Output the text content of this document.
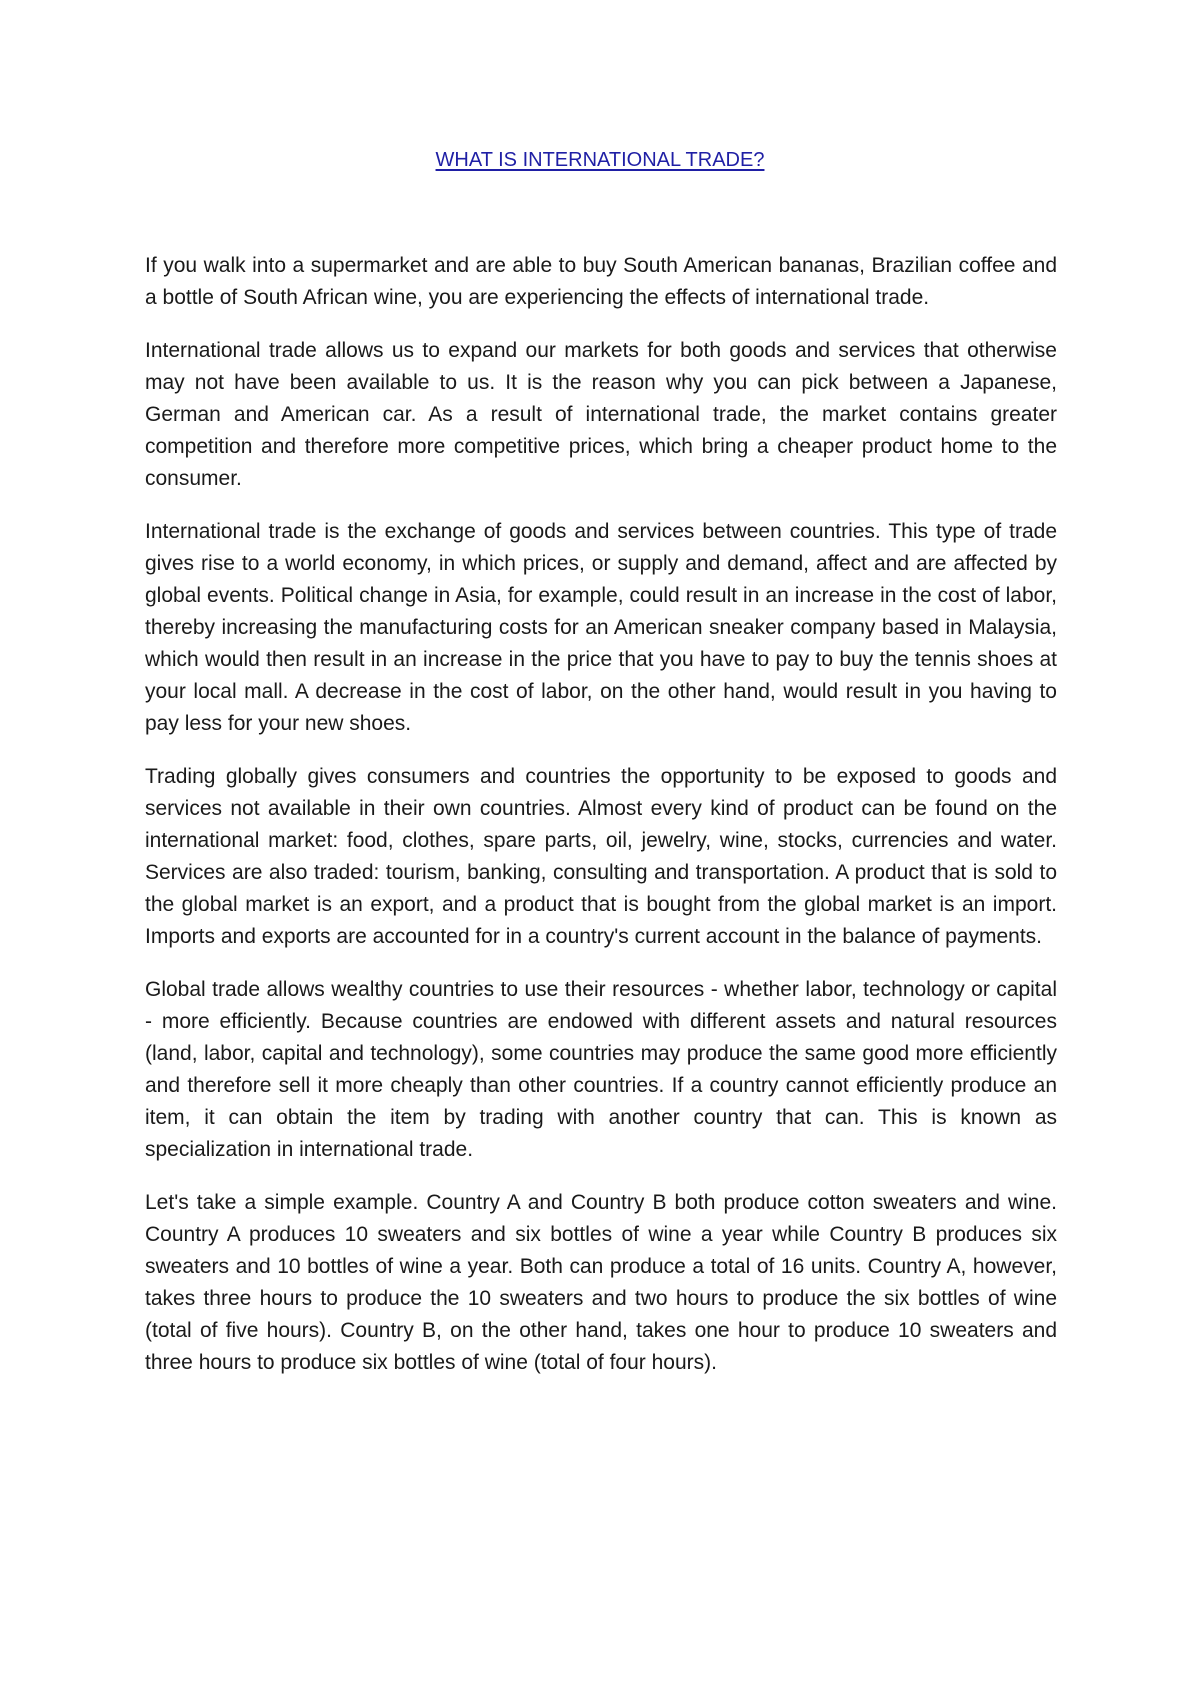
WHAT IS INTERNATIONAL TRADE?

If you walk into a supermarket and are able to buy South American bananas, Brazilian coffee and a bottle of South African wine, you are experiencing the effects of international trade.

International trade allows us to expand our markets for both goods and services that otherwise may not have been available to us. It is the reason why you can pick between a Japanese, German and American car. As a result of international trade, the market contains greater competition and therefore more competitive prices, which bring a cheaper product home to the consumer.

International trade is the exchange of goods and services between countries. This type of trade gives rise to a world economy, in which prices, or supply and demand, affect and are affected by global events. Political change in Asia, for example, could result in an increase in the cost of labor, thereby increasing the manufacturing costs for an American sneaker company based in Malaysia, which would then result in an increase in the price that you have to pay to buy the tennis shoes at your local mall. A decrease in the cost of labor, on the other hand, would result in you having to pay less for your new shoes.

Trading globally gives consumers and countries the opportunity to be exposed to goods and services not available in their own countries. Almost every kind of product can be found on the international market: food, clothes, spare parts, oil, jewelry, wine, stocks, currencies and water. Services are also traded: tourism, banking, consulting and transportation. A product that is sold to the global market is an export, and a product that is bought from the global market is an import. Imports and exports are accounted for in a country's current account in the balance of payments.

Global trade allows wealthy countries to use their resources - whether labor, technology or capital - more efficiently. Because countries are endowed with different assets and natural resources (land, labor, capital and technology), some countries may produce the same good more efficiently and therefore sell it more cheaply than other countries. If a country cannot efficiently produce an item, it can obtain the item by trading with another country that can. This is known as specialization in international trade.

Let's take a simple example. Country A and Country B both produce cotton sweaters and wine. Country A produces 10 sweaters and six bottles of wine a year while Country B produces six sweaters and 10 bottles of wine a year. Both can produce a total of 16 units. Country A, however, takes three hours to produce the 10 sweaters and two hours to produce the six bottles of wine (total of five hours). Country B, on the other hand, takes one hour to produce 10 sweaters and three hours to produce six bottles of wine (total of four hours).
